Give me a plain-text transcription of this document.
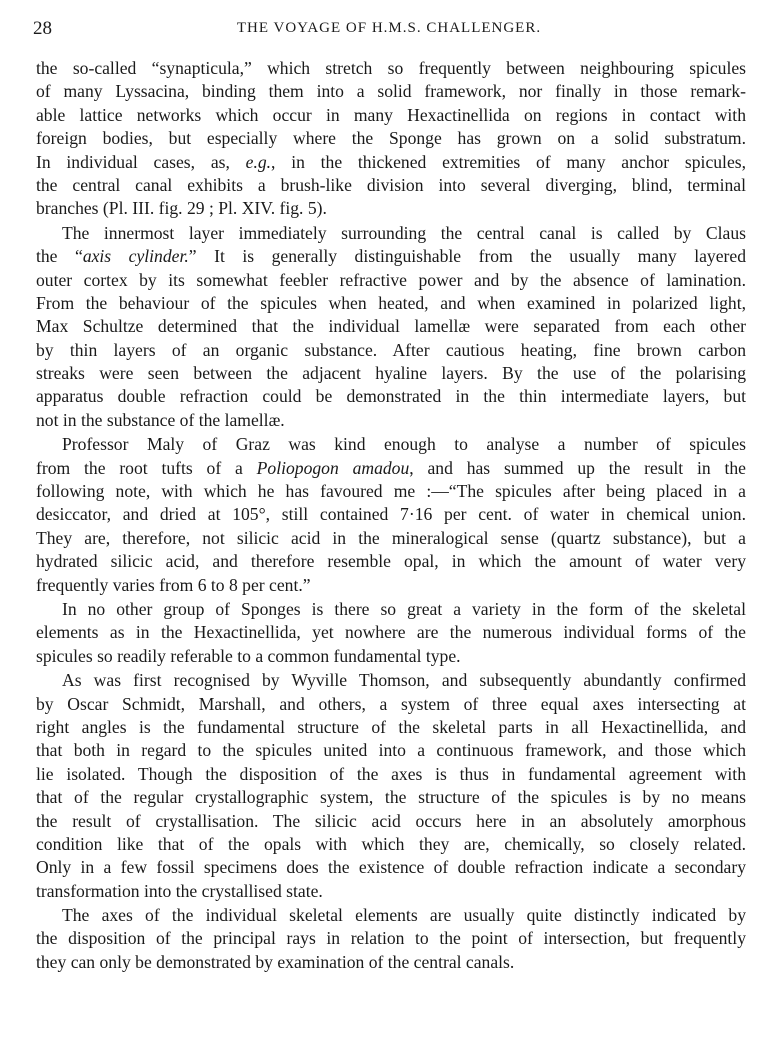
28	THE VOYAGE OF H.M.S. CHALLENGER.
the so-called “synapticula,” which stretch so frequently between neighbouring spicules
of many Lyssacina, binding them into a solid framework, nor finally in those remark-
able lattice networks which occur in many Hexactinellida on regions in contact with
foreign bodies, but especially where the Sponge has grown on a solid substratum.
In individual cases, as, e.g., in the thickened extremities of many anchor spicules,
the central canal exhibits a brush-like division into several diverging, blind, terminal
branches (Pl. III. fig. 29 ; Pl. XIV. fig. 5).
The innermost layer immediately surrounding the central canal is called by Claus
the “axis cylinder.” It is generally distinguishable from the usually many layered
outer cortex by its somewhat feebler refractive power and by the absence of lamination.
From the behaviour of the spicules when heated, and when examined in polarized light,
Max Schultze determined that the individual lamellæ were separated from each other
by thin layers of an organic substance. After cautious heating, fine brown carbon
streaks were seen between the adjacent hyaline layers. By the use of the polarising
apparatus double refraction could be demonstrated in the thin intermediate layers, but
not in the substance of the lamellæ.
Professor Maly of Graz was kind enough to analyse a number of spicules
from the root tufts of a Poliopogon amadou, and has summed up the result in the
following note, with which he has favoured me :—“The spicules after being placed in a
desiccator, and dried at 105°, still contained 7·16 per cent. of water in chemical union.
They are, therefore, not silicic acid in the mineralogical sense (quartz substance), but a
hydrated silicic acid, and therefore resemble opal, in which the amount of water very
frequently varies from 6 to 8 per cent.”
In no other group of Sponges is there so great a variety in the form of the skeletal
elements as in the Hexactinellida, yet nowhere are the numerous individual forms of the
spicules so readily referable to a common fundamental type.
As was first recognised by Wyville Thomson, and subsequently abundantly confirmed
by Oscar Schmidt, Marshall, and others, a system of three equal axes intersecting at
right angles is the fundamental structure of the skeletal parts in all Hexactinellida, and
that both in regard to the spicules united into a continuous framework, and those which
lie isolated. Though the disposition of the axes is thus in fundamental agreement with
that of the regular crystallographic system, the structure of the spicules is by no means
the result of crystallisation. The silicic acid occurs here in an absolutely amorphous
condition like that of the opals with which they are, chemically, so closely related.
Only in a few fossil specimens does the existence of double refraction indicate a secondary
transformation into the crystallised state.
The axes of the individual skeletal elements are usually quite distinctly indicated by
the disposition of the principal rays in relation to the point of intersection, but frequently
they can only be demonstrated by examination of the central canals.
